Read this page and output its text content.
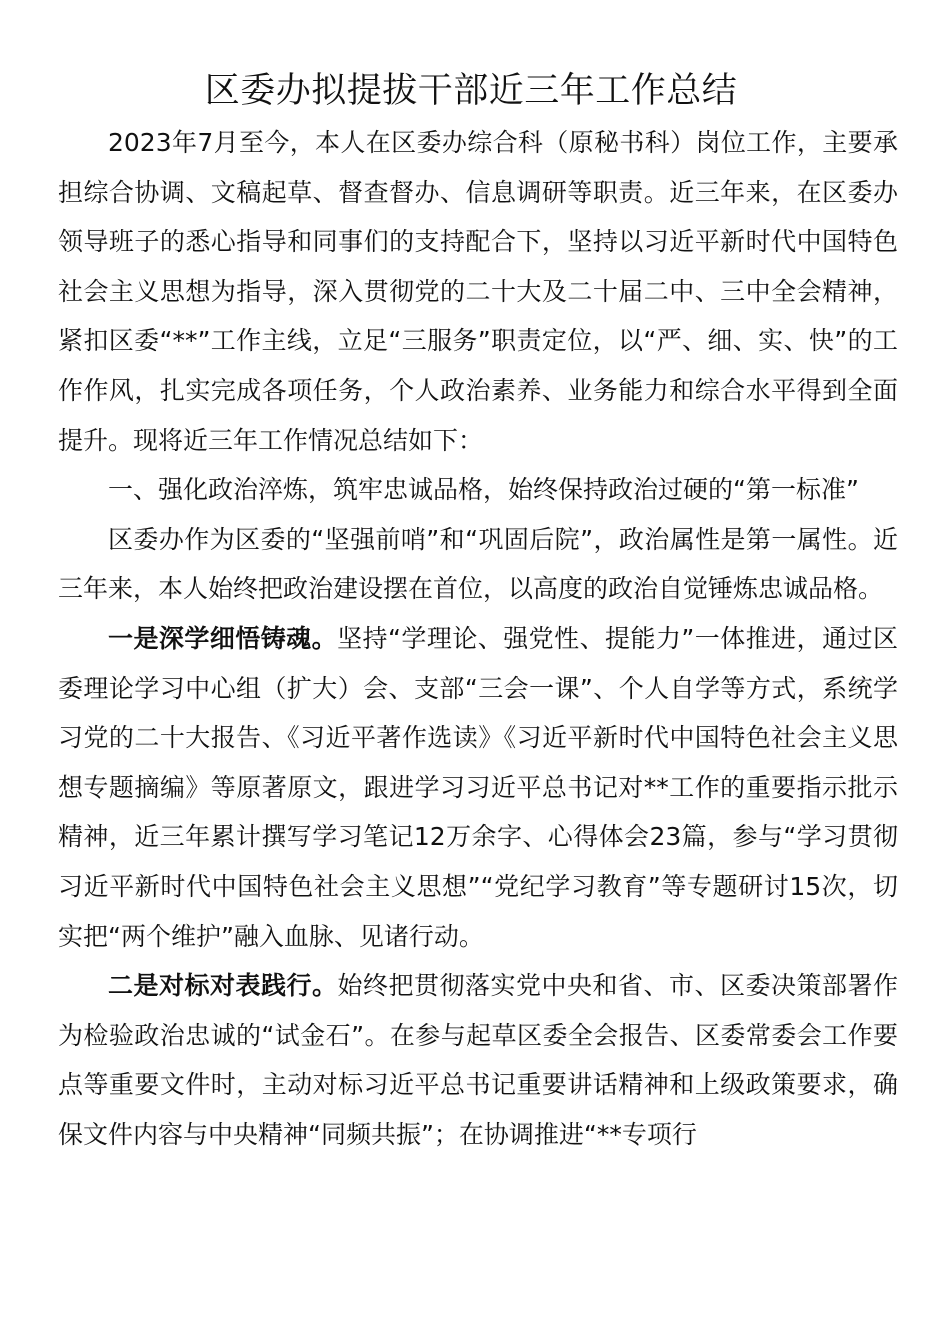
区委办拟提拔干部近三年工作总结

2023年7月至今，本人在区委办综合科（原秘书科）岗位工作，主要承担综合协调、文稿起草、督查督办、信息调研等职责。近三年来，在区委办领导班子的悉心指导和同事们的支持配合下，坚持以习近平新时代中国特色社会主义思想为指导，深入贯彻党的二十大及二十届二中、三中全会精神，紧扣区委“**”工作主线，立足“三服务”职责定位，以“严、细、实、快”的工作作风，扎实完成各项任务，个人政治素养、业务能力和综合水平得到全面提升。现将近三年工作情况总结如下：

一、强化政治淬炼，筑牢忠诚品格，始终保持政治过硬的“第一标准”

区委办作为区委的“坚强前哨”和“巩固后院”，政治属性是第一属性。近三年来，本人始终把政治建设摆在首位，以高度的政治自觉锤炼忠诚品格。

一是深学细悟铸魂。坚持“学理论、强党性、提能力”一体推进，通过区委理论学习中心组（扩大）会、支部“三会一课”、个人自学等方式，系统学习党的二十大报告、《习近平著作选读》《习近平新时代中国特色社会主义思想专题摘编》等原著原文，跟进学习习近平总书记对**工作的重要指示批示精神，近三年累计撰写学习笔记12万余字、心得体会23篇，参与“学习贯彻习近平新时代中国特色社会主义思想”“党纪学习教育”等专题研讨15次，切实把“两个维护”融入血脉、见诸行动。

二是对标对表践行。始终把贯彻落实党中央和省、市、区委决策部署作为检验政治忠诚的“试金石”。在参与起草区委全会报告、区委常委会工作要点等重要文件时，主动对标习近平总书记重要讲话精神和上级政策要求，确保文件内容与中央精神“同频共振”；在协调推进“**专项行
